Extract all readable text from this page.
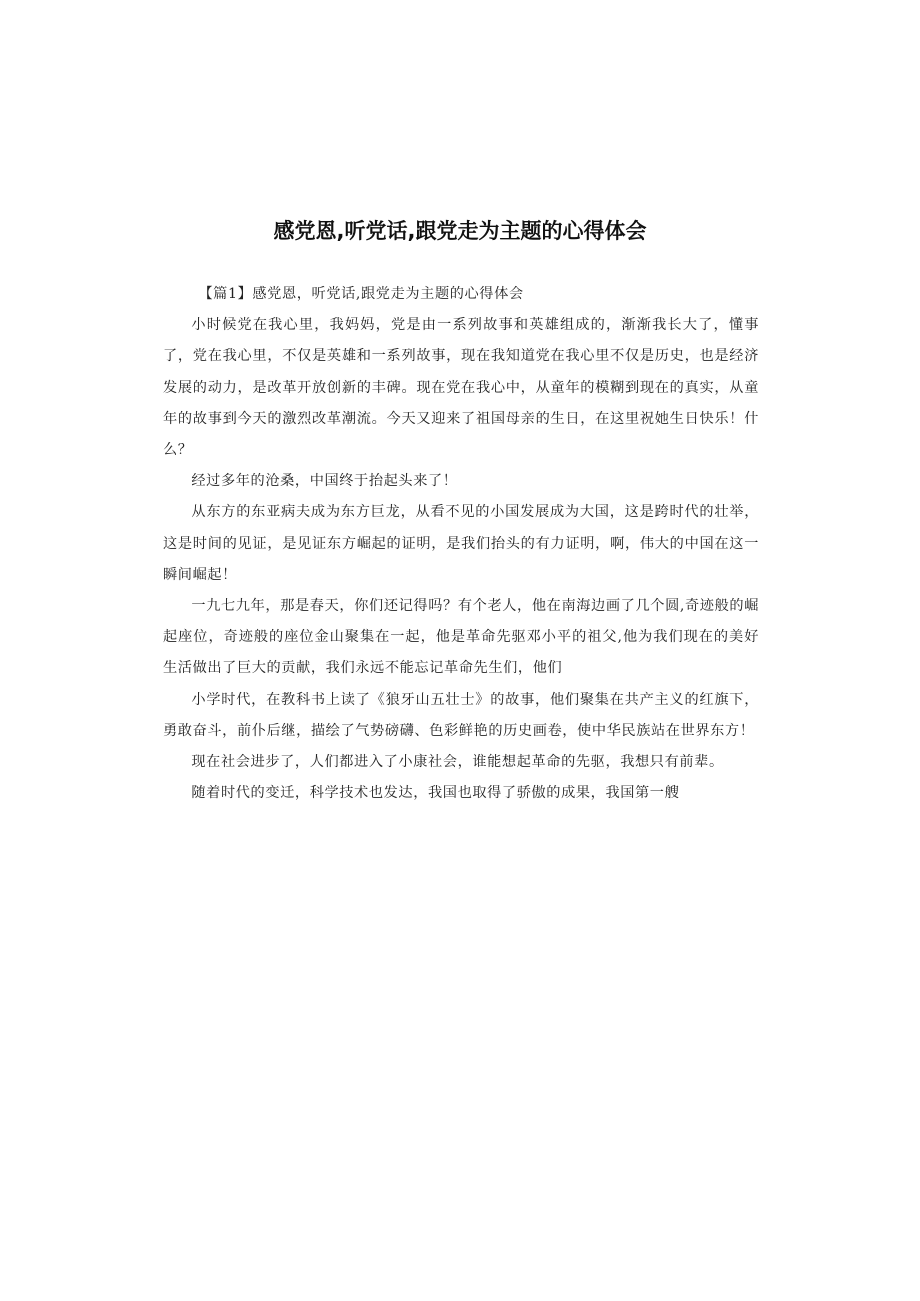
感党恩,听党话,跟党走为主题的心得体会

【篇1】感党恩，听党话,跟党走为主题的心得体会

小时候党在我心里，我妈妈，党是由一系列故事和英雄组成的，渐渐我长大了，懂事了，党在我心里，不仅是英雄和一系列故事，现在我知道党在我心里不仅是历史，也是经济发展的动力，是改革开放创新的丰碑。现在党在我心中，从童年的模糊到现在的真实，从童年的故事到今天的激烈改革潮流。今天又迎来了祖国母亲的生日，在这里祝她生日快乐！什么？

经过多年的沧桑，中国终于抬起头来了！

从东方的东亚病夫成为东方巨龙，从看不见的小国发展成为大国，这是跨时代的壮举，这是时间的见证，是见证东方崛起的证明，是我们抬头的有力证明，啊，伟大的中国在这一瞬间崛起！

一九七九年，那是春天，你们还记得吗？有个老人，他在南海边画了几个圆,奇迹般的崛起座位，奇迹般的座位金山聚集在一起，他是革命先驱邓小平的祖父,他为我们现在的美好生活做出了巨大的贡献，我们永远不能忘记革命先生们，他们

小学时代，在教科书上读了《狼牙山五壮士》的故事，他们聚集在共产主义的红旗下，勇敢奋斗，前仆后继，描绘了气势磅礴、色彩鲜艳的历史画卷，使中华民族站在世界东方！

现在社会进步了，人们都进入了小康社会，谁能想起革命的先驱，我想只有前辈。

随着时代的变迁，科学技术也发达，我国也取得了骄傲的成果，我国第一艘
